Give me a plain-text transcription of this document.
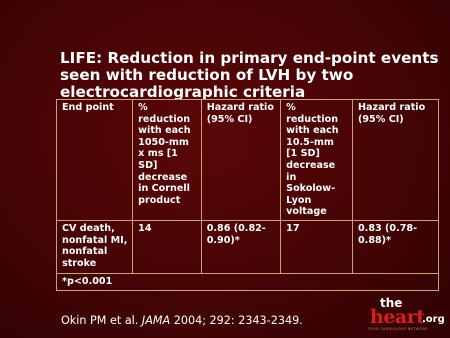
LIFE: Reduction in primary end-point events seen with reduction of LVH by two electrocardiographic criteria
End point	% reduction with each 1050-mm x ms [1 SD] decrease in Cornell product	Hazard ratio (95% CI)	% reduction with each 10.5-mm [1 SD] decrease in Sokolow-Lyon voltage	Hazard ratio (95% CI)
CV death, nonfatal MI, nonfatal stroke	14	0.86 (0.82-0.90)*	17	0.83 (0.78-0.88)*
*p<0.001				
Okin PM et al. JAMA 2004; 292: 2343-2349.
the
heart
.org
YOUR CARDIOLOGY NETWORK
